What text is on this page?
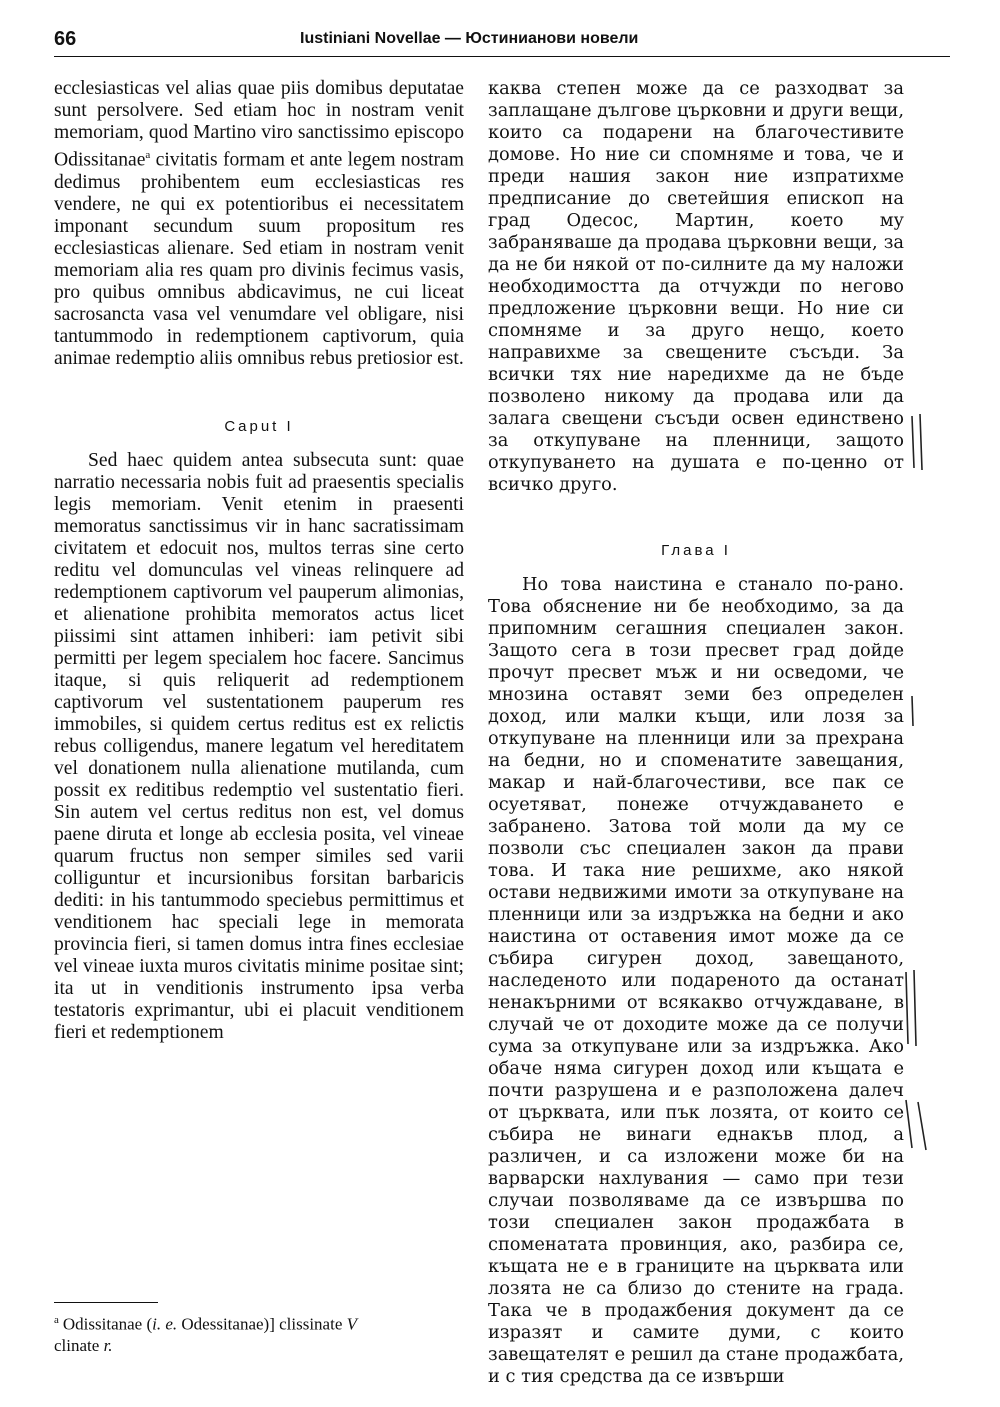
66	Iustiniani Novellae — Юстинианови новели

ecclesiasticas vel alias quae piis domibus deputatae sunt persolvere. Sed etiam hoc in nostram venit memoriam, quod Martino viro sanctissimo episcopo Odissitanae$^a$ civitatis formam et ante legem nostram dedimus prohibentem eum ecclesiasticas res vendere, ne qui ex potentioribus ei necessitatem imponant secundum suum propositum res ecclesiasticas alienare. Sed etiam in nostram venit memoriam alia res quam pro divinis fecimus vasis, pro quibus omnibus abdicavimus, ne cui liceat sacrosancta vasa vel venumdare vel obligare, nisi tantummodo in redemptionem captivorum, quia animae redemptio aliis omnibus rebus pretiosior est.

Caput I

Sed haec quidem antea subsecuta sunt: quae narratio necessaria nobis fuit ad praesentis specialis legis memoriam. Venit etenim in praesenti memoratus sanctissimus vir in hanc sacratissimam civitatem et edocuit nos, multos terras sine certo reditu vel domunculas vel vineas relinquere ad redemptionem captivorum vel pauperum alimonias, et alienatione prohibita memoratos actus licet piissimi sint attamen inhiberi: iam petivit sibi permitti per legem specialem hoc facere. Sancimus itaque, si quis reliquerit ad redemptionem captivorum vel sustentationem pauperum res immobiles, si quidem certus reditus est ex relictis rebus colligendus, manere legatum vel hereditatem vel donationem nulla alienatione mutilanda, cum possit ex reditibus redemptio vel sustentatio fieri. Sin autem vel certus reditus non est, vel domus paene diruta et longe ab ecclesia posita, vel vineae quarum fructus non semper similes sed varii colliguntur et incursionibus forsitan barbaricis dediti: in his tantummodo speciebus permittimus et venditionem hac speciali lege in memorata provincia fieri, si tamen domus intra fines ecclesiae vel vineae iuxta muros civitatis minime positae sint; ita ut in venditionis instrumento ipsa verba testatoris exprimantur, ubi ei placuit venditionem fieri et redemptionem

каква степен може да се разходват за заплащане дългове църковни и други вещи, които са подарени на благочестивите домове. Но ние си спомняме и това, че и преди нашия закон ние изпратихме предписание до светейшия епископ на град Одесос, Мартин, което му забраняваше да продава църковни вещи, за да не би някой от по-силните да му наложи необходимостта да отчужди по негово предложение църковни вещи. Но ние си спомняме и за друго нещо, което направихме за свещените съсъди. За всички тях ние наредихме да не бъде позволено никому да продава или да залага свещени съсъди освен единствено за откупуване на пленници, защото откупуването на душата е по-ценно от всичко друго.

Глава I

Но това наистина е станало по-рано. Това обяснение ни бе необходимо, за да припомним сегашния специален закон. Защото сега в този пресвет град дойде прочут пресвет мъж и ни осведоми, че мнозина оставят земи без определен доход, или малки къщи, или лозя за откупуване на пленници или за прехрана на бедни, но и споменатите завещания, макар и най-благочестиви, все пак се осуетяват, понеже отчуждаването е забранено. Затова той моли да му се позволи със специален закон да прави това. И така ние решихме, ако някой остави недвижими имоти за откупуване на пленници или за издръжка на бедни и ако наистина от оставения имот може да се събира сигурен доход, завещаното, наследеното или подареното да останат ненакърними от всякакво отчуждаване, в случай че от доходите може да се получи сума за откупуване или за издръжка. Ако обаче няма сигурен доход или къщата е почти разрушена и е разположена далеч от църквата, или пък лозята, от които се събира не винаги еднакъв плод, а различен, и са изложени може би на варварски нахлувания — само при тези случаи позволяваме да се извършва по този специален закон продажбата в споменатата провинция, ако, разбира се, къщата не е в границите на църквата или лозята не са близо до стените на града. Така че в продажбения документ да се изразят и самите думи, с които завещателят е решил да стане продажбата, и с тия средства да се извърши

$^a$ Odissitanae (i. e. Odessitanae)] clissinate V
clinate r.
